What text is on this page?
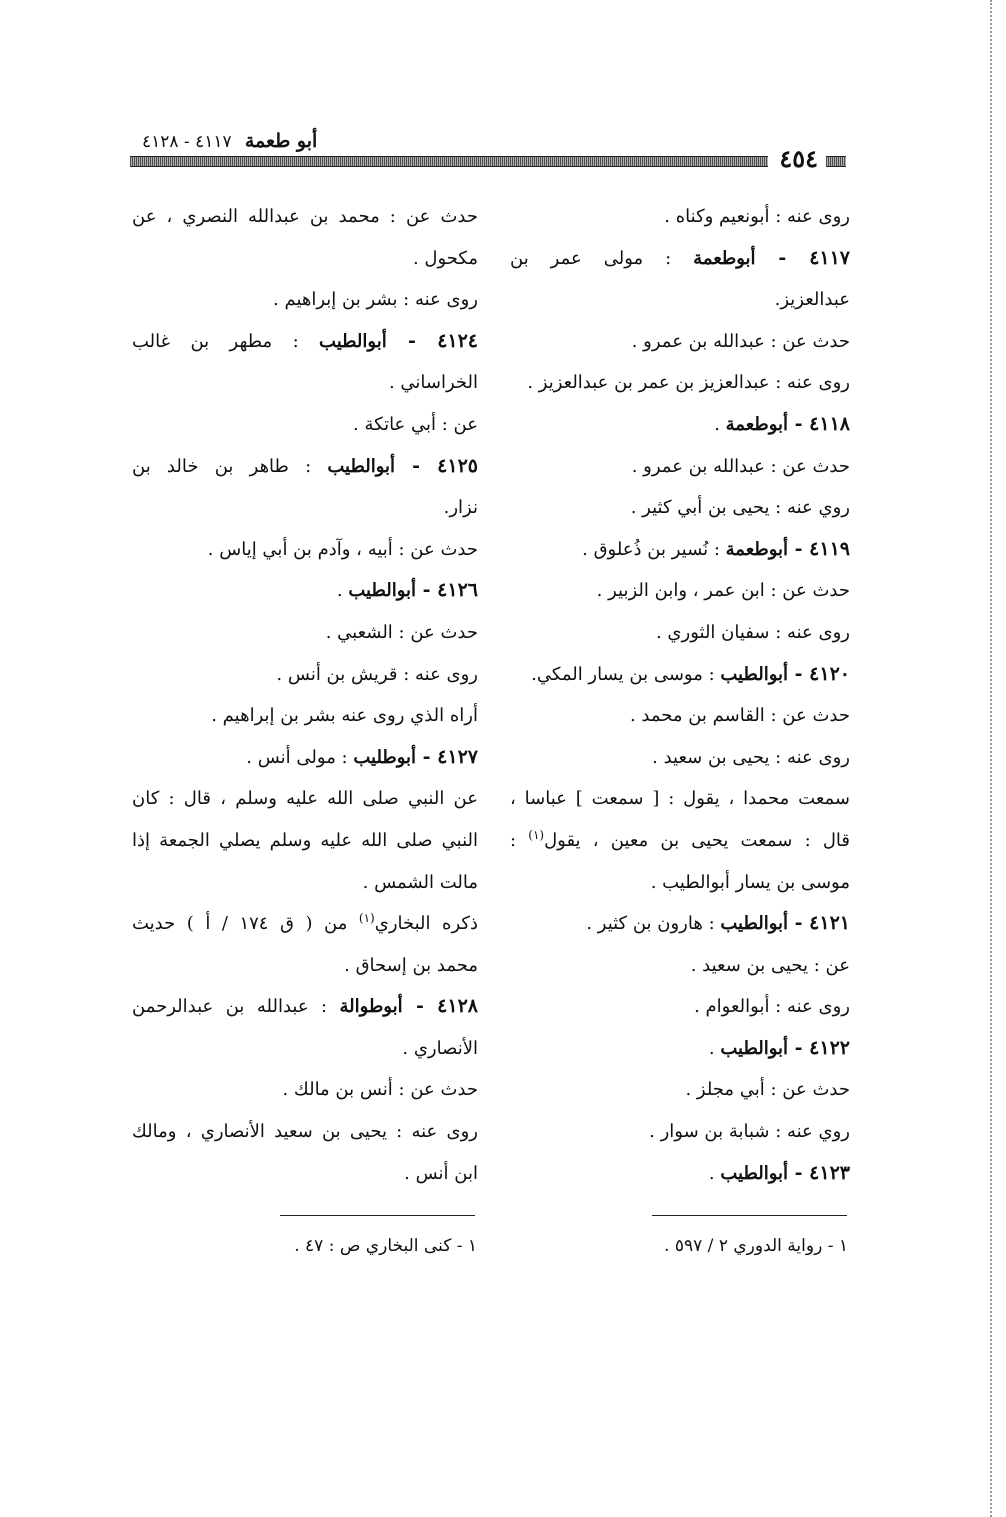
أبو طعمة  ٤١١٧ - ٤١٢٨
٤٥٤
روى عنه : أبونعيم وكناه .
٤١١٧ - أبوطعمة : مولى عمر بن
عبدالعزيز.
حدث عن : عبدالله بن عمرو .
روى عنه : عبدالعزيز بن عمر بن عبدالعزيز .
٤١١٨ - أبوطعمة .
حدث عن : عبدالله بن عمرو .
روي عنه : يحيى بن أبي كثير .
٤١١٩ - أبوطعمة : نُسير بن ذُعلوق .
حدث عن : ابن عمر ، وابن الزبير .
روى عنه : سفيان الثوري .
٤١٢٠ - أبوالطيب : موسى بن يسار المكي.
حدث عن : القاسم بن محمد .
روى عنه : يحيى بن سعيد .
سمعت محمدا ، يقول : [ سمعت ] عباسا ،
قال : سمعت يحيى بن معين ، يقول$^{(١)}$ :
موسى بن يسار أبوالطيب .
٤١٢١ - أبوالطيب : هارون بن كثير .
عن : يحيى بن سعيد .
روى عنه : أبوالعوام .
٤١٢٢ - أبوالطيب .
حدث عن : أبي مجلز .
روي عنه : شبابة بن سوار .
٤١٢٣ - أبوالطيب .
حدث عن : محمد بن عبدالله النصري ، عن
مكحول .
روى عنه : بشر بن إبراهيم .
٤١٢٤ - أبوالطيب : مطهر بن غالب
الخراساني .
عن : أبي عاتكة .
٤١٢٥ - أبوالطيب : طاهر بن خالد بن
نزار.
حدث عن : أبيه ، وآدم بن أبي إياس .
٤١٢٦ - أبوالطيب .
حدث عن : الشعبي .
روى عنه : قريش بن أنس .
أراه الذي روى عنه بشر بن إبراهيم .
٤١٢٧ - أبوطليب : مولى أنس .
عن النبي صلى الله عليه وسلم ، قال : كان
النبي صلى الله عليه وسلم يصلي الجمعة إذا
مالت الشمس .
ذكره البخاري$^{(١)}$ من ( ق ١٧٤ / أ ) حديث
محمد بن إسحاق .
٤١٢٨ - أبوطوالة : عبدالله بن عبدالرحمن
الأنصاري .
حدث عن : أنس بن مالك .
روى عنه : يحيى بن سعيد الأنصاري ، ومالك
ابن أنس .
١ - رواية الدوري ٢ / ٥٩٧ .
١ - كنى البخاري ص : ٤٧ .
